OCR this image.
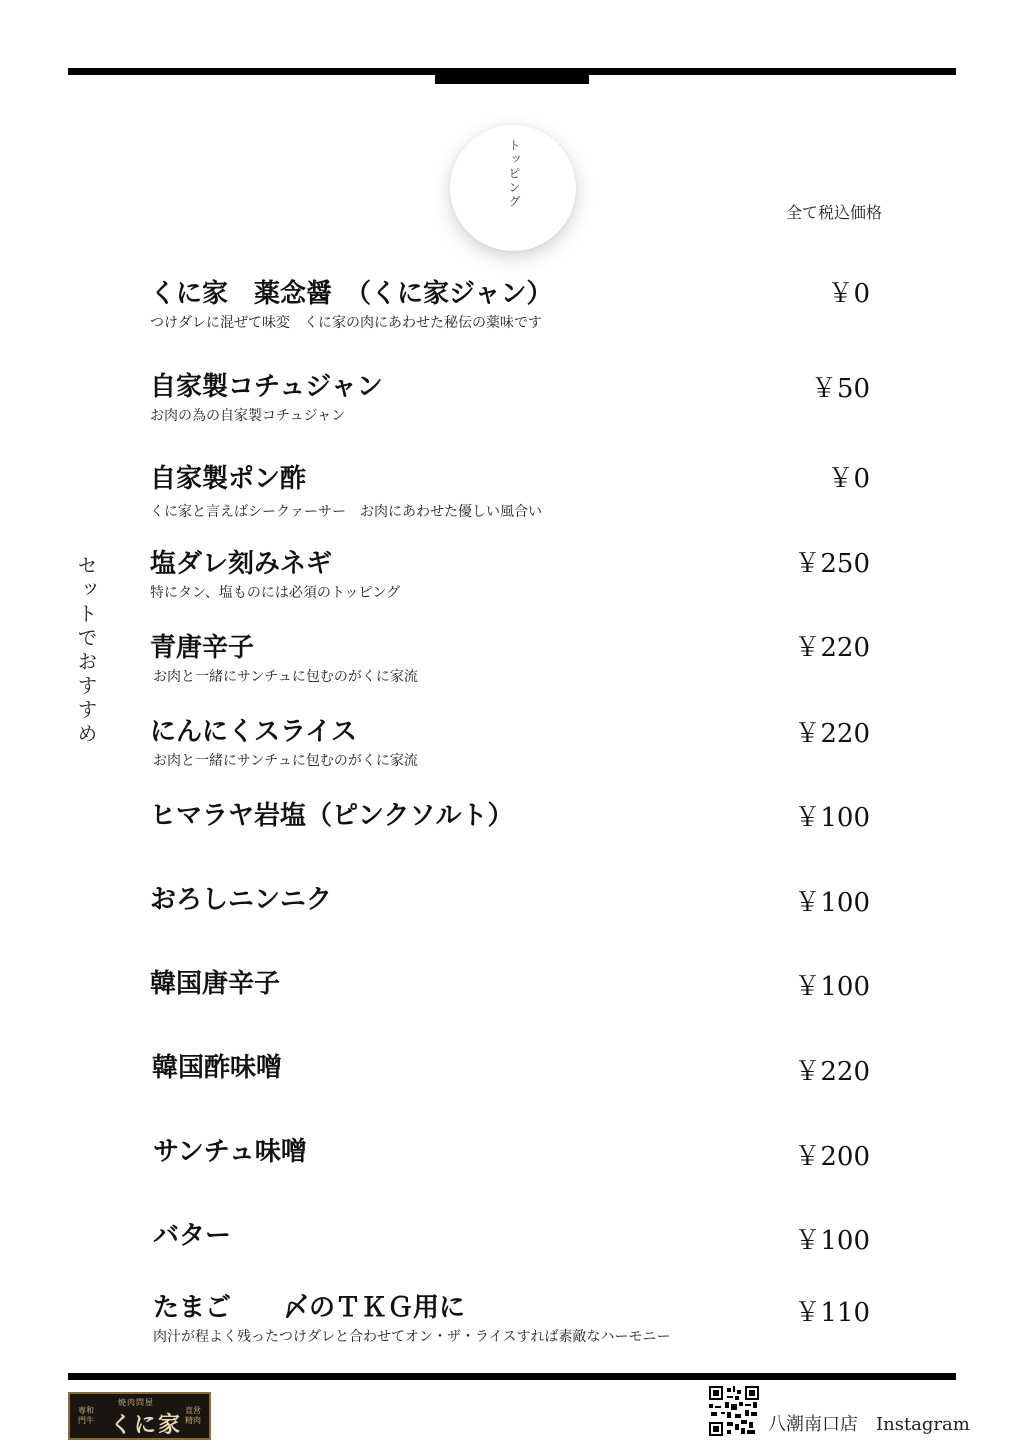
トッピング
全て税込価格
セットでおすすめ
くに家　薬念醤　（くに家ジャン）
つけダレに混ぜて味変　くに家の肉にあわせた秘伝の薬味です
￥0
自家製コチュジャン
お肉の為の自家製コチュジャン
￥50
自家製ポン酢
くに家と言えばシークァーサー　お肉にあわせた優しい風合い
￥0
塩ダレ刻みネギ
特にタン、塩ものには必須のトッピング
￥250
青唐辛子
お肉と一緒にサンチュに包むのがくに家流
￥220
にんにくスライス
お肉と一緒にサンチュに包むのがくに家流
￥220
ヒマラヤ岩塩（ピンクソルト）	￥100
おろしニンニク	￥100
韓国唐辛子	￥100
韓国酢味噌	￥220
サンチュ味噌	￥200
バター	￥100
たまご　　〆のＴＫＧ用に
肉汁が程よく残ったつけダレと合わせてオン・ザ・ライスすれば素敵なハーモニー
￥110
焼肉問屋
専和門牛 くに家
直営精肉	八潮南口店　Instagram
